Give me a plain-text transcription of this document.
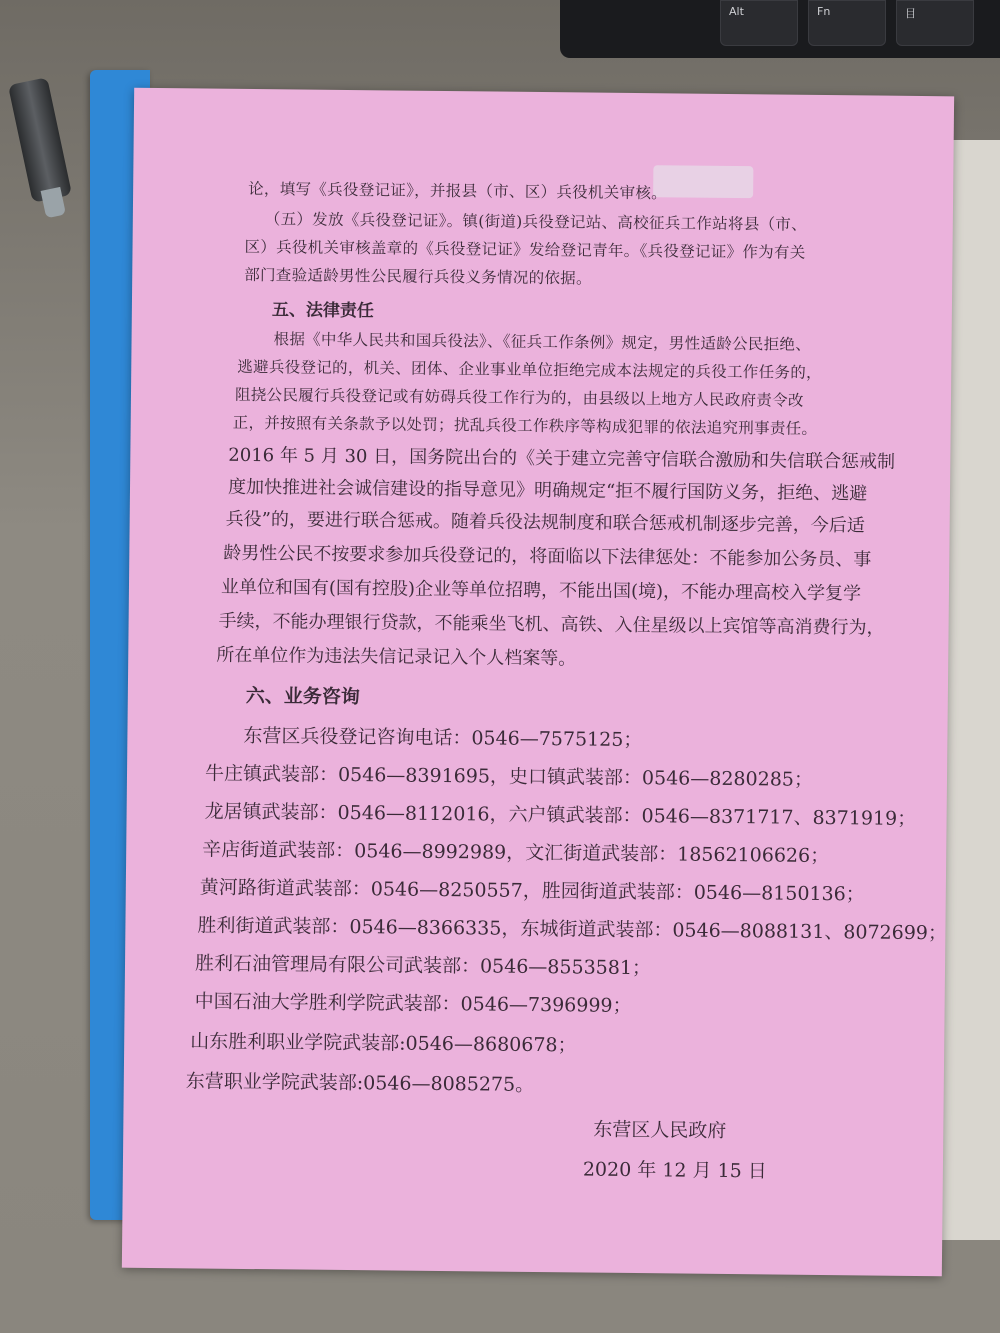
Alt	Fn	目
论，填写《兵役登记证》，并报县（市、区）兵役机关审核。
（五）发放《兵役登记证》。镇(街道)兵役登记站、高校征兵工作站将县（市、
区）兵役机关审核盖章的《兵役登记证》发给登记青年。《兵役登记证》作为有关
部门查验适龄男性公民履行兵役义务情况的依据。
五、法律责任
根据《中华人民共和国兵役法》、《征兵工作条例》规定，男性适龄公民拒绝、
逃避兵役登记的，机关、团体、企业事业单位拒绝完成本法规定的兵役工作任务的，
阻挠公民履行兵役登记或有妨碍兵役工作行为的，由县级以上地方人民政府责令改
正，并按照有关条款予以处罚；扰乱兵役工作秩序等构成犯罪的依法追究刑事责任。
2016 年 5 月 30 日，国务院出台的《关于建立完善守信联合激励和失信联合惩戒制
度加快推进社会诚信建设的指导意见》明确规定“拒不履行国防义务，拒绝、逃避
兵役”的，要进行联合惩戒。随着兵役法规制度和联合惩戒机制逐步完善，今后适
龄男性公民不按要求参加兵役登记的，将面临以下法律惩处：不能参加公务员、事
业单位和国有(国有控股)企业等单位招聘，不能出国(境)，不能办理高校入学复学
手续，不能办理银行贷款，不能乘坐飞机、高铁、入住星级以上宾馆等高消费行为，
所在单位作为违法失信记录记入个人档案等。
六、业务咨询
东营区兵役登记咨询电话：0546—7575125；
牛庄镇武装部：0546—8391695，史口镇武装部：0546—8280285；
龙居镇武装部：0546—8112016，六户镇武装部：0546—8371717、8371919；
辛店街道武装部：0546—8992989，文汇街道武装部：18562106626；
黄河路街道武装部：0546—8250557，胜园街道武装部：0546—8150136；
胜利街道武装部：0546—8366335，东城街道武装部：0546—8088131、8072699；
胜利石油管理局有限公司武装部：0546—8553581；
中国石油大学胜利学院武装部：0546—7396999；
山东胜利职业学院武装部:0546—8680678；
东营职业学院武装部:0546—8085275。
东营区人民政府
2020 年 12 月 15 日
